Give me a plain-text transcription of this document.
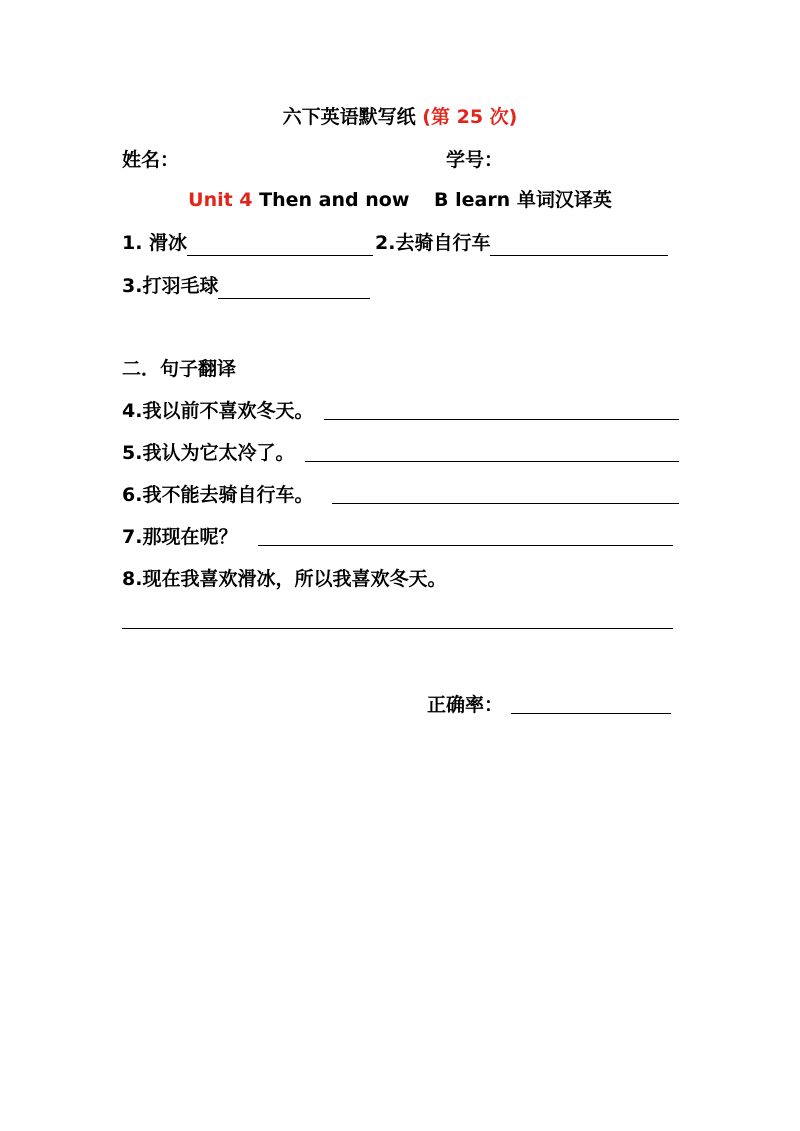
六下英语默写纸 (第 25 次)
姓名：	学号：
Unit 4 Then and now B learn 单词汉译英
1. 滑冰	2.去骑自行车
3.打羽毛球
二．句子翻译
4.我以前不喜欢冬天。
5.我认为它太冷了。
6.我不能去骑自行车。
7.那现在呢？
8.现在我喜欢滑冰，所以我喜欢冬天。
正确率：
